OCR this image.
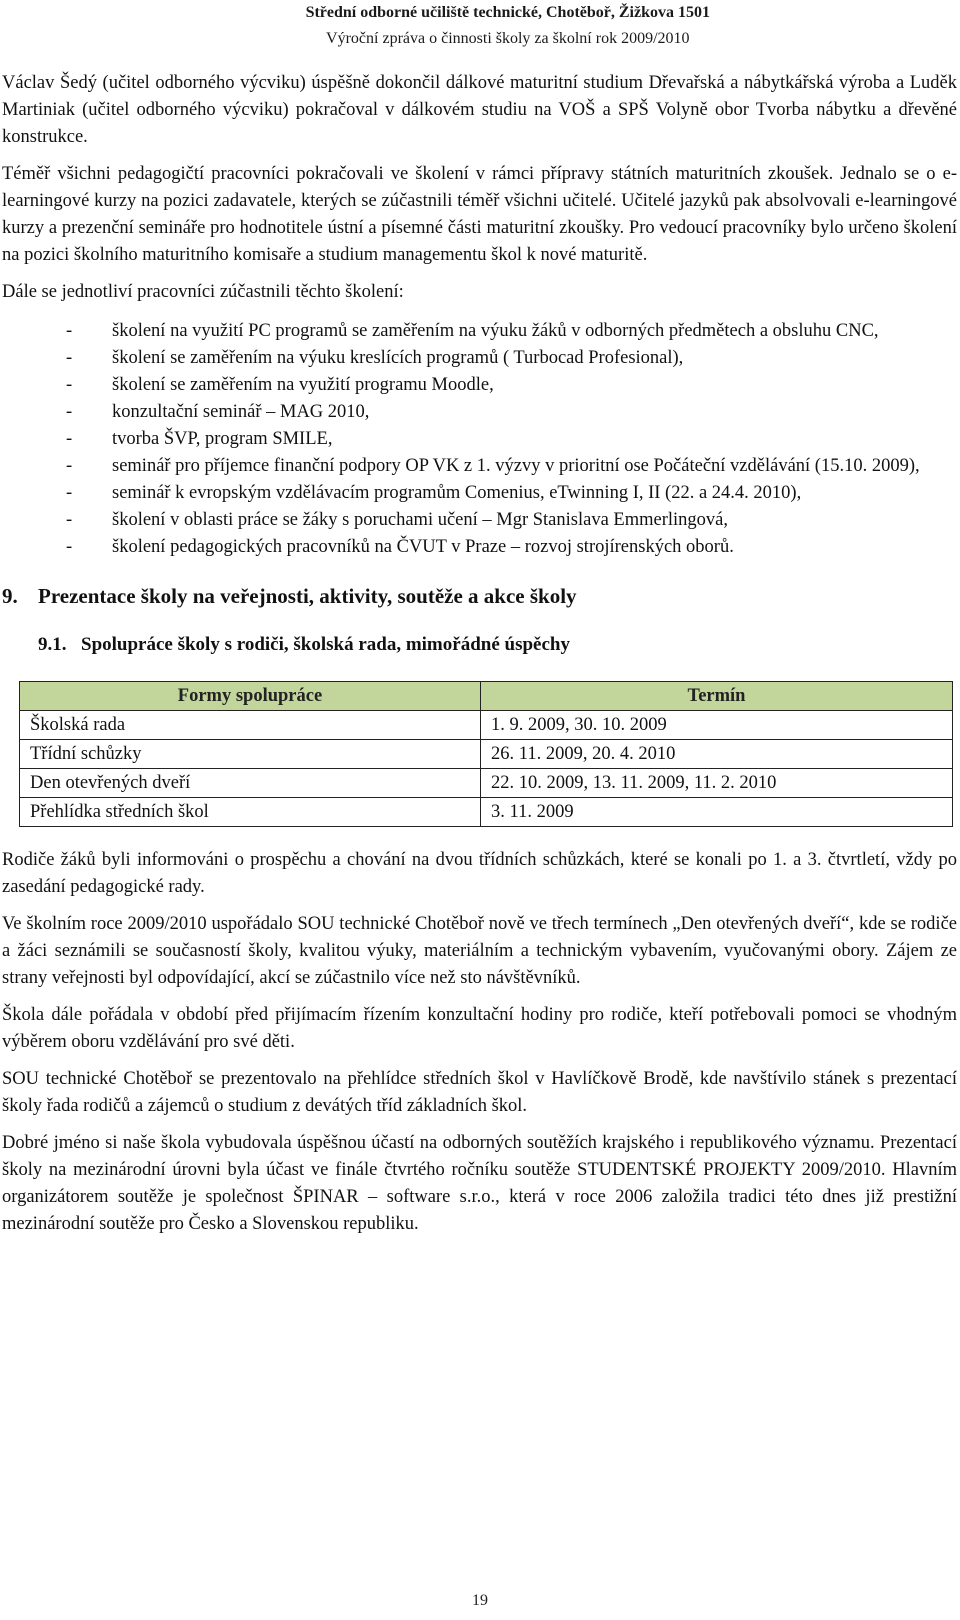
Střední odborné učiliště technické, Chotěboř, Žižkova 1501
Výroční zpráva o činnosti školy za školní rok 2009/2010

Václav Šedý (učitel odborného výcviku) úspěšně dokončil dálkové maturitní studium Dřevařská a nábytkářská výroba a Luděk Martiniak (učitel odborného výcviku) pokračoval v dálkovém studiu na VOŠ a SPŠ Volyně obor Tvorba nábytku a dřevěné konstrukce.

Téměř všichni pedagogičtí pracovníci pokračovali ve školení v rámci přípravy státních maturitních zkoušek. Jednalo se o e-learningové kurzy na pozici zadavatele, kterých se zúčastnili téměř všichni učitelé. Učitelé jazyků pak absolvovali e-learningové kurzy a prezenční semináře pro hodnotitele ústní a písemné části maturitní zkoušky. Pro vedoucí pracovníky bylo určeno školení na pozici školního maturitního komisaře a studium managementu škol k nové maturitě.

Dále se jednotliví pracovníci zúčastnili těchto školení:

- školení na využití PC programů se zaměřením na výuku žáků v odborných předmětech a obsluhu CNC,
- školení se zaměřením na výuku kreslících programů ( Turbocad Profesional),
- školení se zaměřením na využití programu Moodle,
- konzultační seminář – MAG 2010,
- tvorba ŠVP, program SMILE,
- seminář pro příjemce finanční podpory OP VK z 1. výzvy v prioritní ose Počáteční vzdělávání (15.10. 2009),
- seminář k evropským vzdělávacím programům Comenius, eTwinning I, II (22. a 24.4. 2010),
- školení v oblasti práce se žáky s poruchami učení – Mgr Stanislava Emmerlingová,
- školení pedagogických pracovníků na ČVUT v Praze – rozvoj strojírenských oborů.
9. Prezentace školy na veřejnosti, aktivity, soutěže a akce školy
9.1. Spolupráce školy s rodiči, školská rada, mimořádné úspěchy
Formy spolupráce	Termín
Školská rada	1. 9. 2009, 30. 10. 2009
Třídní schůzky	26. 11. 2009, 20. 4. 2010
Den otevřených dveří	22. 10. 2009, 13. 11. 2009, 11. 2. 2010
Přehlídka středních škol	3. 11. 2009

Rodiče žáků byli informováni o prospěchu a chování na dvou třídních schůzkách, které se konali po 1. a 3. čtvrtletí, vždy po zasedání pedagogické rady.

Ve školním roce 2009/2010 uspořádalo SOU technické Chotěboř nově ve třech termínech „Den otevřených dveří“, kde se rodiče a žáci seznámili se současností školy, kvalitou výuky, materiálním a technickým vybavením, vyučovanými obory. Zájem ze strany veřejnosti byl odpovídající, akcí se zúčastnilo více než sto návštěvníků.

Škola dále pořádala v období před přijímacím řízením konzultační hodiny pro rodiče, kteří potřebovali pomoci se vhodným výběrem oboru vzdělávání pro své děti.

SOU technické Chotěboř se prezentovalo na přehlídce středních škol v Havlíčkově Brodě, kde navštívilo stánek s prezentací školy řada rodičů a zájemců o studium z devátých tříd základních škol.

Dobré jméno si naše škola vybudovala úspěšnou účastí na odborných soutěžích krajského i republikového významu. Prezentací školy na mezinárodní úrovni byla účast ve finále čtvrtého ročníku soutěže STUDENTSKÉ PROJEKTY 2009/2010. Hlavním organizátorem soutěže je společnost ŠPINAR – software s.r.o., která v roce 2006 založila tradici této dnes již prestižní mezinárodní soutěže pro Česko a Slovenskou republiku.

19
